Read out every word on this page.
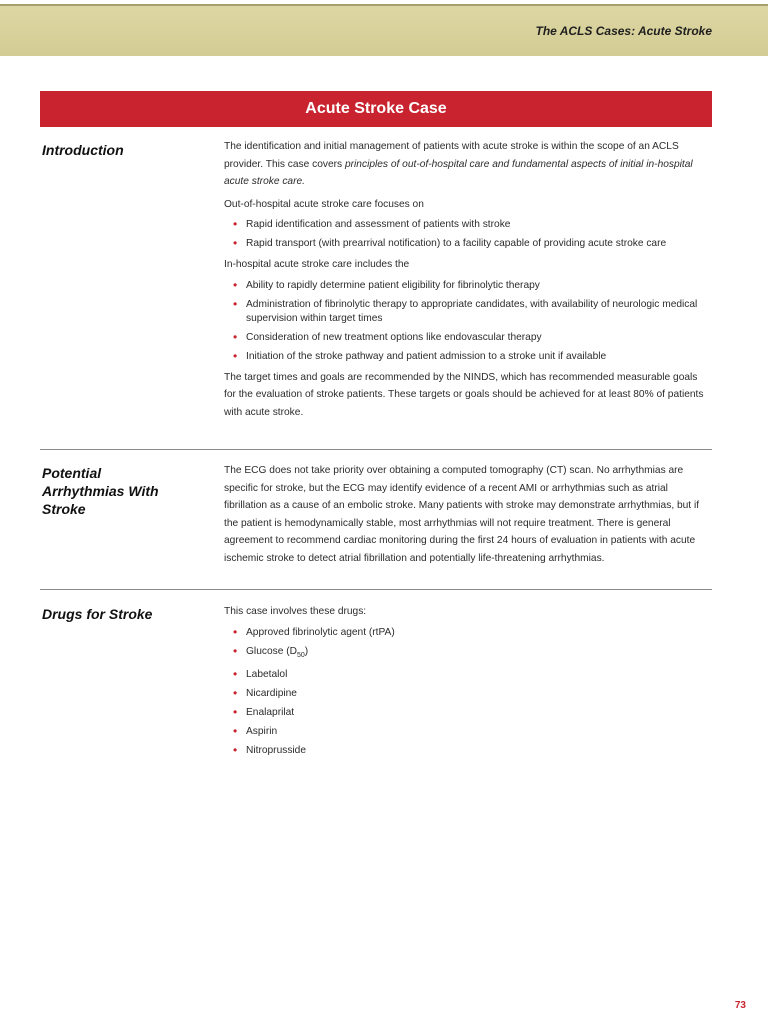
The ACLS Cases: Acute Stroke
Acute Stroke Case
Introduction	The identification and initial management of patients with acute stroke is within the scope of an ACLS provider. This case covers principles of out-of-hospital care and fundamental aspects of initial in-hospital acute stroke care.

Out-of-hospital acute stroke care focuses on

• Rapid identification and assessment of patients with stroke
• Rapid transport (with prearrival notification) to a facility capable of providing acute stroke care

In-hospital acute stroke care includes the

• Ability to rapidly determine patient eligibility for fibrinolytic therapy
• Administration of fibrinolytic therapy to appropriate candidates, with availability of neurologic medical supervision within target times
• Consideration of new treatment options like endovascular therapy
• Initiation of the stroke pathway and patient admission to a stroke unit if available

The target times and goals are recommended by the NINDS, which has recommended measurable goals for the evaluation of stroke patients. These targets or goals should be achieved for at least 80% of patients with acute stroke.

Potential
Arrhythmias With
Stroke

The ECG does not take priority over obtaining a computed tomography (CT) scan. No arrhythmias are specific for stroke, but the ECG may identify evidence of a recent AMI or arrhythmias such as atrial fibrillation as a cause of an embolic stroke. Many patients with stroke may demonstrate arrhythmias, but if the patient is hemodynamically stable, most arrhythmias will not require treatment. There is general agreement to recommend cardiac monitoring during the first 24 hours of evaluation in patients with acute ischemic stroke to detect atrial fibrillation and potentially life-threatening arrhythmias.

Drugs for Stroke	This case involves these drugs:

• Approved fibrinolytic agent (rtPA)
• Glucose $(D_{50})$
• Labetalol
• Nicardipine
• Enalaprilat
• Aspirin
• Nitroprusside
73
